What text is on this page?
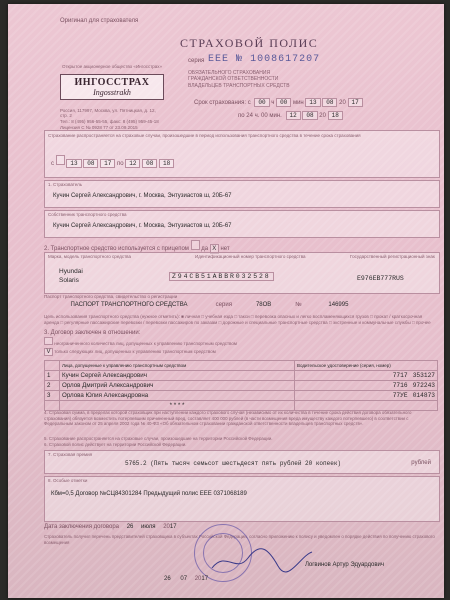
Оригинал для страхователя
Открытое акционерное общество «Ингосстрах»
ИНГОССТРАХ
Ingosstrakh
Россия, 117997, Москва, ул. Пятницкая, д. 12, стр. 2
Тел.: 8 (495) 956-55-55, факс: 8 (495) 959-45-18
Лицензия С № 0928 77 от 23.09.2015
СТРАХОВОЙ ПОЛИС
серия ЕЕЕ № 1008617207
ОБЯЗАТЕЛЬНОГО СТРАХОВАНИЯ
ГРАЖДАНСКОЙ ОТВЕТСТВЕННОСТИ
ВЛАДЕЛЬЦЕВ ТРАНСПОРТНЫХ СРЕДСТВ
Срок страхования: с 00 ч 00 мин 13 08 20 17
по 24 ч. 00 мин. 12 08 20 18
Страхование распространяется на страховые случаи, произошедшие в период использования транспортного средства в течение срока страхования
с	13 08 17 по 12 08 18
1. Страхователь
Кучин Сергей Александрович, г. Москва, Энтузиастов ш, 20Б-67
Собственник транспортного средства
Кучин Сергей Александрович, г. Москва, Энтузиастов ш, 20Б-67
2. Транспортное средство используется с прицепом да X нет
Марка, модель транспортного средства	Идентификационный номер транспортного средства	Государственный регистрационный знак
Hyundai
Solaris
Z94CB51ABBR032528	Е976ЕВ777RUS
Паспорт транспортного средства, свидетельство о регистрации
ПАСПОРТ ТРАНСПОРТНОГО СРЕДСТВА	серия	78ОВ	№	146995
Цель использования транспортного средства (нужное отметить): ■ личная □ учебная езда □ такси □ перевозка опасных и легко воспламеняющихся грузов □ прокат / краткосрочная аренда □ регулярные пассажирские перевозки / перевозки пассажиров по заказам □ дорожные и специальные транспортные средства □ экстренные и коммунальные службы □ прочее
3. Договор заключен в отношении:
неограниченного количества лиц, допущенных к управлению транспортным средством
V только следующих лиц, допущенных к управлению транспортным средством
	Лица, допущенные к управлению транспортным средством	Водительское удостоверение (серия, номер)
1	Кучин Сергей Александрович	7717 353127
2	Орлов Дмитрий Александрович	7716 972243
3	Орлова Юлия Александровна	77УЕ 014873
	* * * *	
4. Страховая сумма, в пределах которой страховщик при наступлении каждого страхового случая (независимо от их количества в течение срока действия договора обязательного страхования) обязуется возместить потерпевшим причиненный вред, составляет 400 000 рублей (в части возмещения вреда имуществу каждого потерпевшего) в соответствии с Федеральным законом от 25 апреля 2002 года № 40-ФЗ «Об обязательном страховании гражданской ответственности владельцев транспортных средств».
5. Страхование распространяется на страховые случаи, произошедшие на территории Российской Федерации.
6. Страховой полис действует на территории Российской Федерации.
7. Страховая премия
5765.2 (Пять тысяч семьсот шестьдесят пять рублей 20 копеек)	рублей
8. Особые отметки
Кбм=0,5 Договор №СЦ84301284 Предыдущий полис ЕЕЕ 0371068189
Дата заключения договора 26 июля 2017
Страхователь получил перечень представителей страховщика в субъектах Российской Федерации, согласно приложению к полису и уведомлен о порядке действия по получению страхового возмещения
26 07 2017
Логвинов Артур Эдуардович
